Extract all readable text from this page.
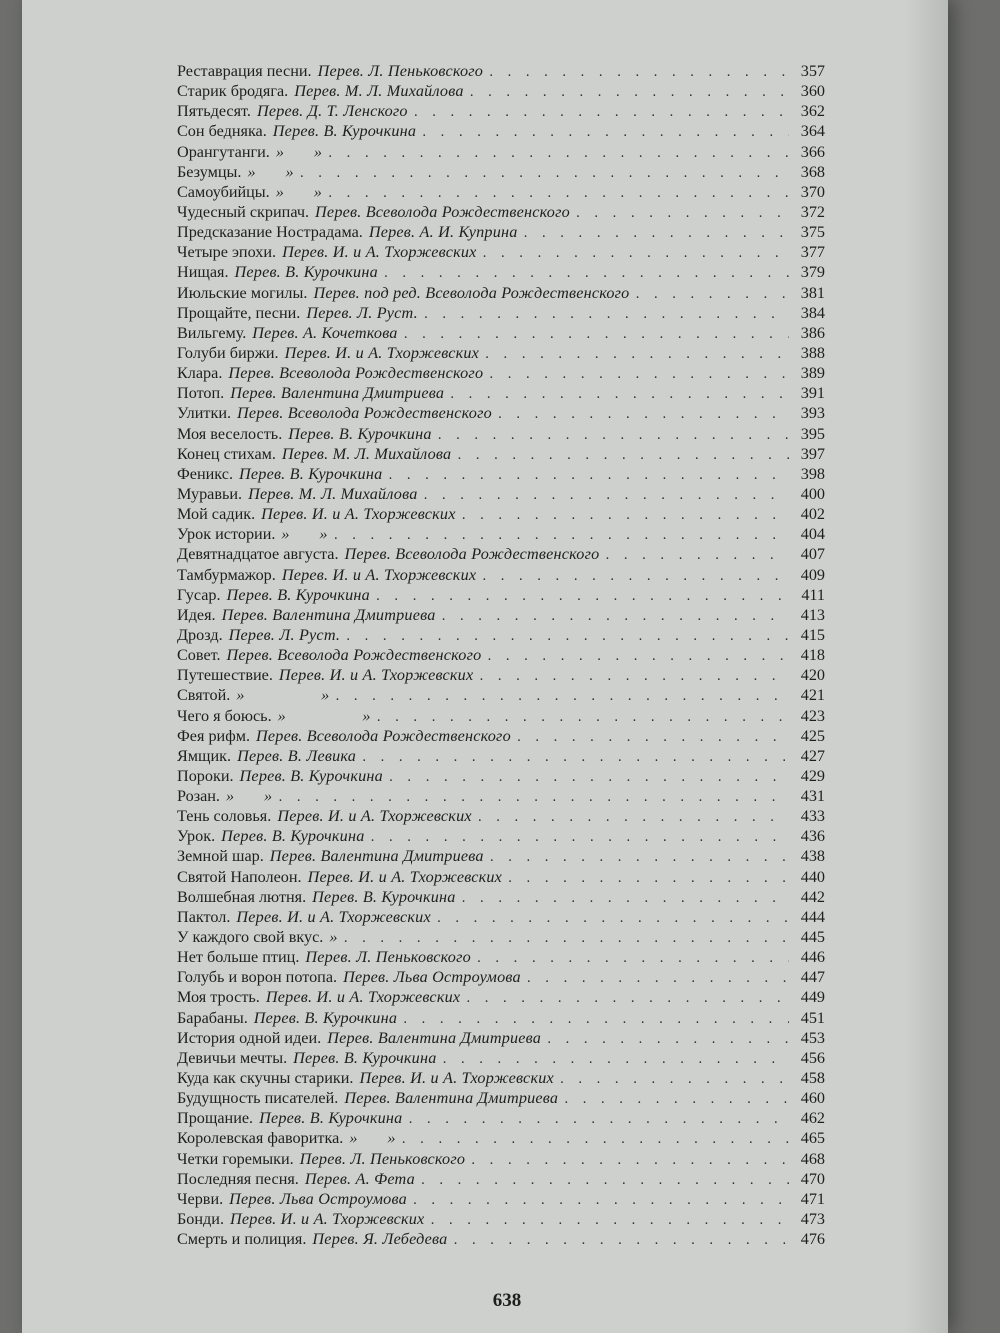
Реставрация песни. Перев. Л. Пеньковского . . .	357
Старик бродяга. Перев. М. Л. Михайлова . . .	360
Пятьдесят. Перев. Д. Т. Ленского . . .	362
Сон бедняка. Перев. В. Курочкина . . .	364
Орангутанги. »       » . . .	366
Безумцы. »       » . . .	368
Самоубийцы. »       » . . .	370
Чудесный скрипач. Перев. Всеволода Рождественского . . .	372
Предсказание Нострадама. Перев. А. И. Куприна . . .	375
Четыре эпохи. Перев. И. и А. Тхоржевских . . .	377
Нищая. Перев. В. Курочкина . . .	379
Июльские могилы. Перев. под ред. Всеволода Рождественского . . .	381
Прощайте, песни. Перев. Л. Руст. . . .	384
Вильгему. Перев. А. Кочеткова . . .	386
Голуби биржи. Перев. И. и А. Тхоржевских . . .	388
Клара. Перев. Всеволода Рождественского . . .	389
Потоп. Перев. Валентина Дмитриева . . .	391
Улитки. Перев. Всеволода Рождественского . . .	393
Моя веселость. Перев. В. Курочкина . . .	395
Конец стихам. Перев. М. Л. Михайлова . . .	397
Феникс. Перев. В. Курочкина . . .	398
Муравьи. Перев. М. Л. Михайлова . . .	400
Мой садик. Перев. И. и А. Тхоржевских . . .	402
Урок истории. »       » . . .	404
Девятнадцатое августа. Перев. Всеволода Рождественского . . .	407
Тамбурмажор. Перев. И. и А. Тхоржевских . . .	409
Гусар. Перев. В. Курочкина . . .	411
Идея. Перев. Валентина Дмитриева . . .	413
Дрозд. Перев. Л. Руст. . . .	415
Совет. Перев. Всеволода Рождественского . . .	418
Путешествие. Перев. И. и А. Тхоржевских . . .	420
Святой. »                  » . . .	421
Чего я боюсь. »                  » . . .	423
Фея рифм. Перев. Всеволода Рождественского . . .	425
Ямщик. Перев. В. Левика . . .	427
Пороки. Перев. В. Курочкина . . .	429
Розан. »       » . . .	431
Тень соловья. Перев. И. и А. Тхоржевских . . .	433
Урок. Перев. В. Курочкина . . .	436
Земной шар. Перев. Валентина Дмитриева . . .	438
Святой Наполеон. Перев. И. и А. Тхоржевских . . .	440
Волшебная лютня. Перев. В. Курочкина . . .	442
Пактол. Перев. И. и А. Тхоржевских . . .	444
У каждого свой вкус. » . . .	445
Нет больше птиц. Перев. Л. Пеньковского . . .	446
Голубь и ворон потопа. Перев. Льва Остроумова . . .	447
Моя трость. Перев. И. и А. Тхоржевских . . .	449
Барабаны. Перев. В. Курочкина . . .	451
История одной идеи. Перев. Валентина Дмитриева . . .	453
Девичьи мечты. Перев. В. Курочкина . . .	456
Куда как скучны старики. Перев. И. и А. Тхоржевских . . .	458
Будущность писателей. Перев. Валентина Дмитриева . . .	460
Прощание. Перев. В. Курочкина . . .	462
Королевская фаворитка. »       » . . .	465
Четки горемыки. Перев. Л. Пеньковского . . .	468
Последняя песня. Перев. А. Фета . . .	470
Черви. Перев. Льва Остроумова . . .	471
Бонди. Перев. И. и А. Тхоржевских . . .	473
Смерть и полиция. Перев. Я. Лебедева . . .	476
638
